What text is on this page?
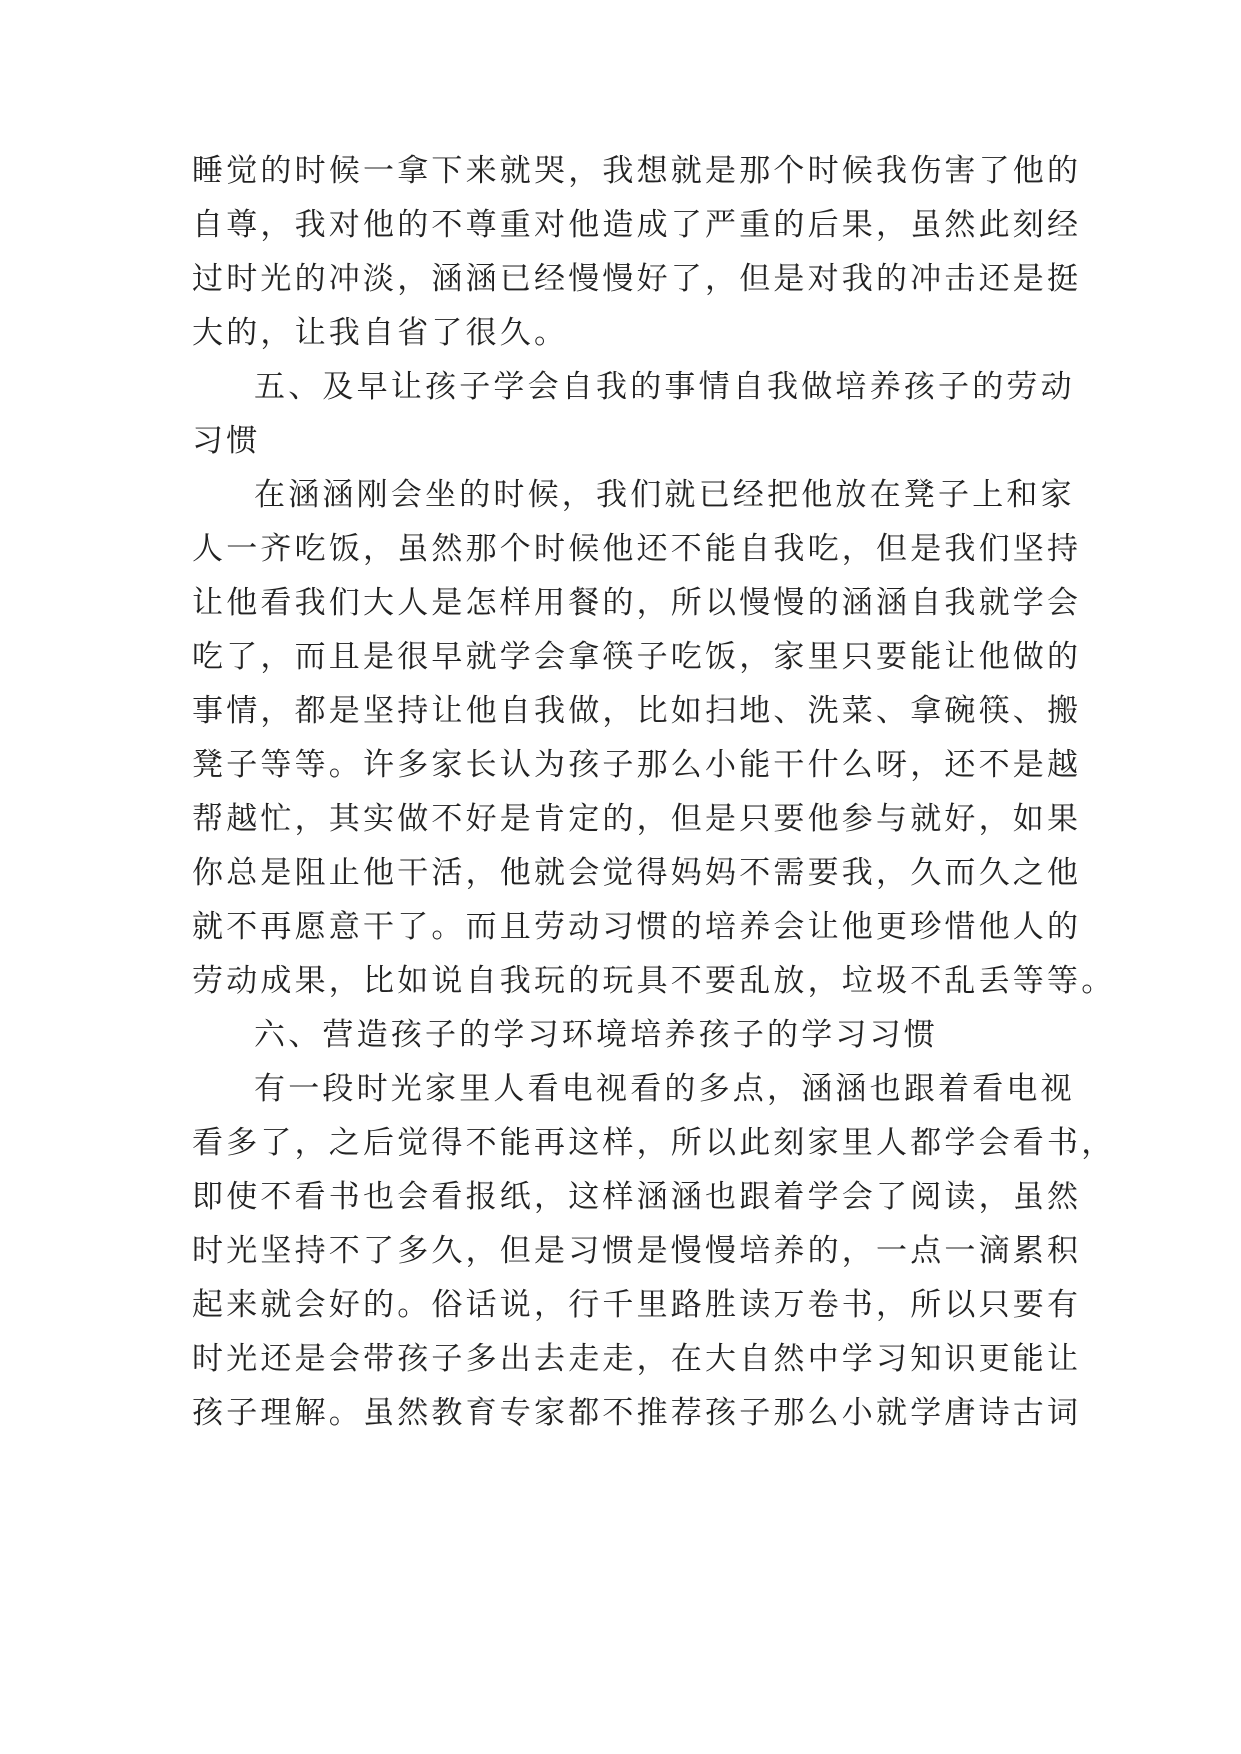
睡觉的时候一拿下来就哭，我想就是那个时候我伤害了他的
自尊，我对他的不尊重对他造成了严重的后果，虽然此刻经
过时光的冲淡，涵涵已经慢慢好了，但是对我的冲击还是挺
大的，让我自省了很久。
五、及早让孩子学会自我的事情自我做培养孩子的劳动
习惯
在涵涵刚会坐的时候，我们就已经把他放在凳子上和家
人一齐吃饭，虽然那个时候他还不能自我吃，但是我们坚持
让他看我们大人是怎样用餐的，所以慢慢的涵涵自我就学会
吃了，而且是很早就学会拿筷子吃饭，家里只要能让他做的
事情，都是坚持让他自我做，比如扫地、洗菜、拿碗筷、搬
凳子等等。许多家长认为孩子那么小能干什么呀，还不是越
帮越忙，其实做不好是肯定的，但是只要他参与就好，如果
你总是阻止他干活，他就会觉得妈妈不需要我，久而久之他
就不再愿意干了。而且劳动习惯的培养会让他更珍惜他人的
劳动成果，比如说自我玩的玩具不要乱放，垃圾不乱丢等等。
六、营造孩子的学习环境培养孩子的学习习惯
有一段时光家里人看电视看的多点，涵涵也跟着看电视
看多了，之后觉得不能再这样，所以此刻家里人都学会看书，
即使不看书也会看报纸，这样涵涵也跟着学会了阅读，虽然
时光坚持不了多久，但是习惯是慢慢培养的，一点一滴累积
起来就会好的。俗话说，行千里路胜读万卷书，所以只要有
时光还是会带孩子多出去走走，在大自然中学习知识更能让
孩子理解。虽然教育专家都不推荐孩子那么小就学唐诗古词
